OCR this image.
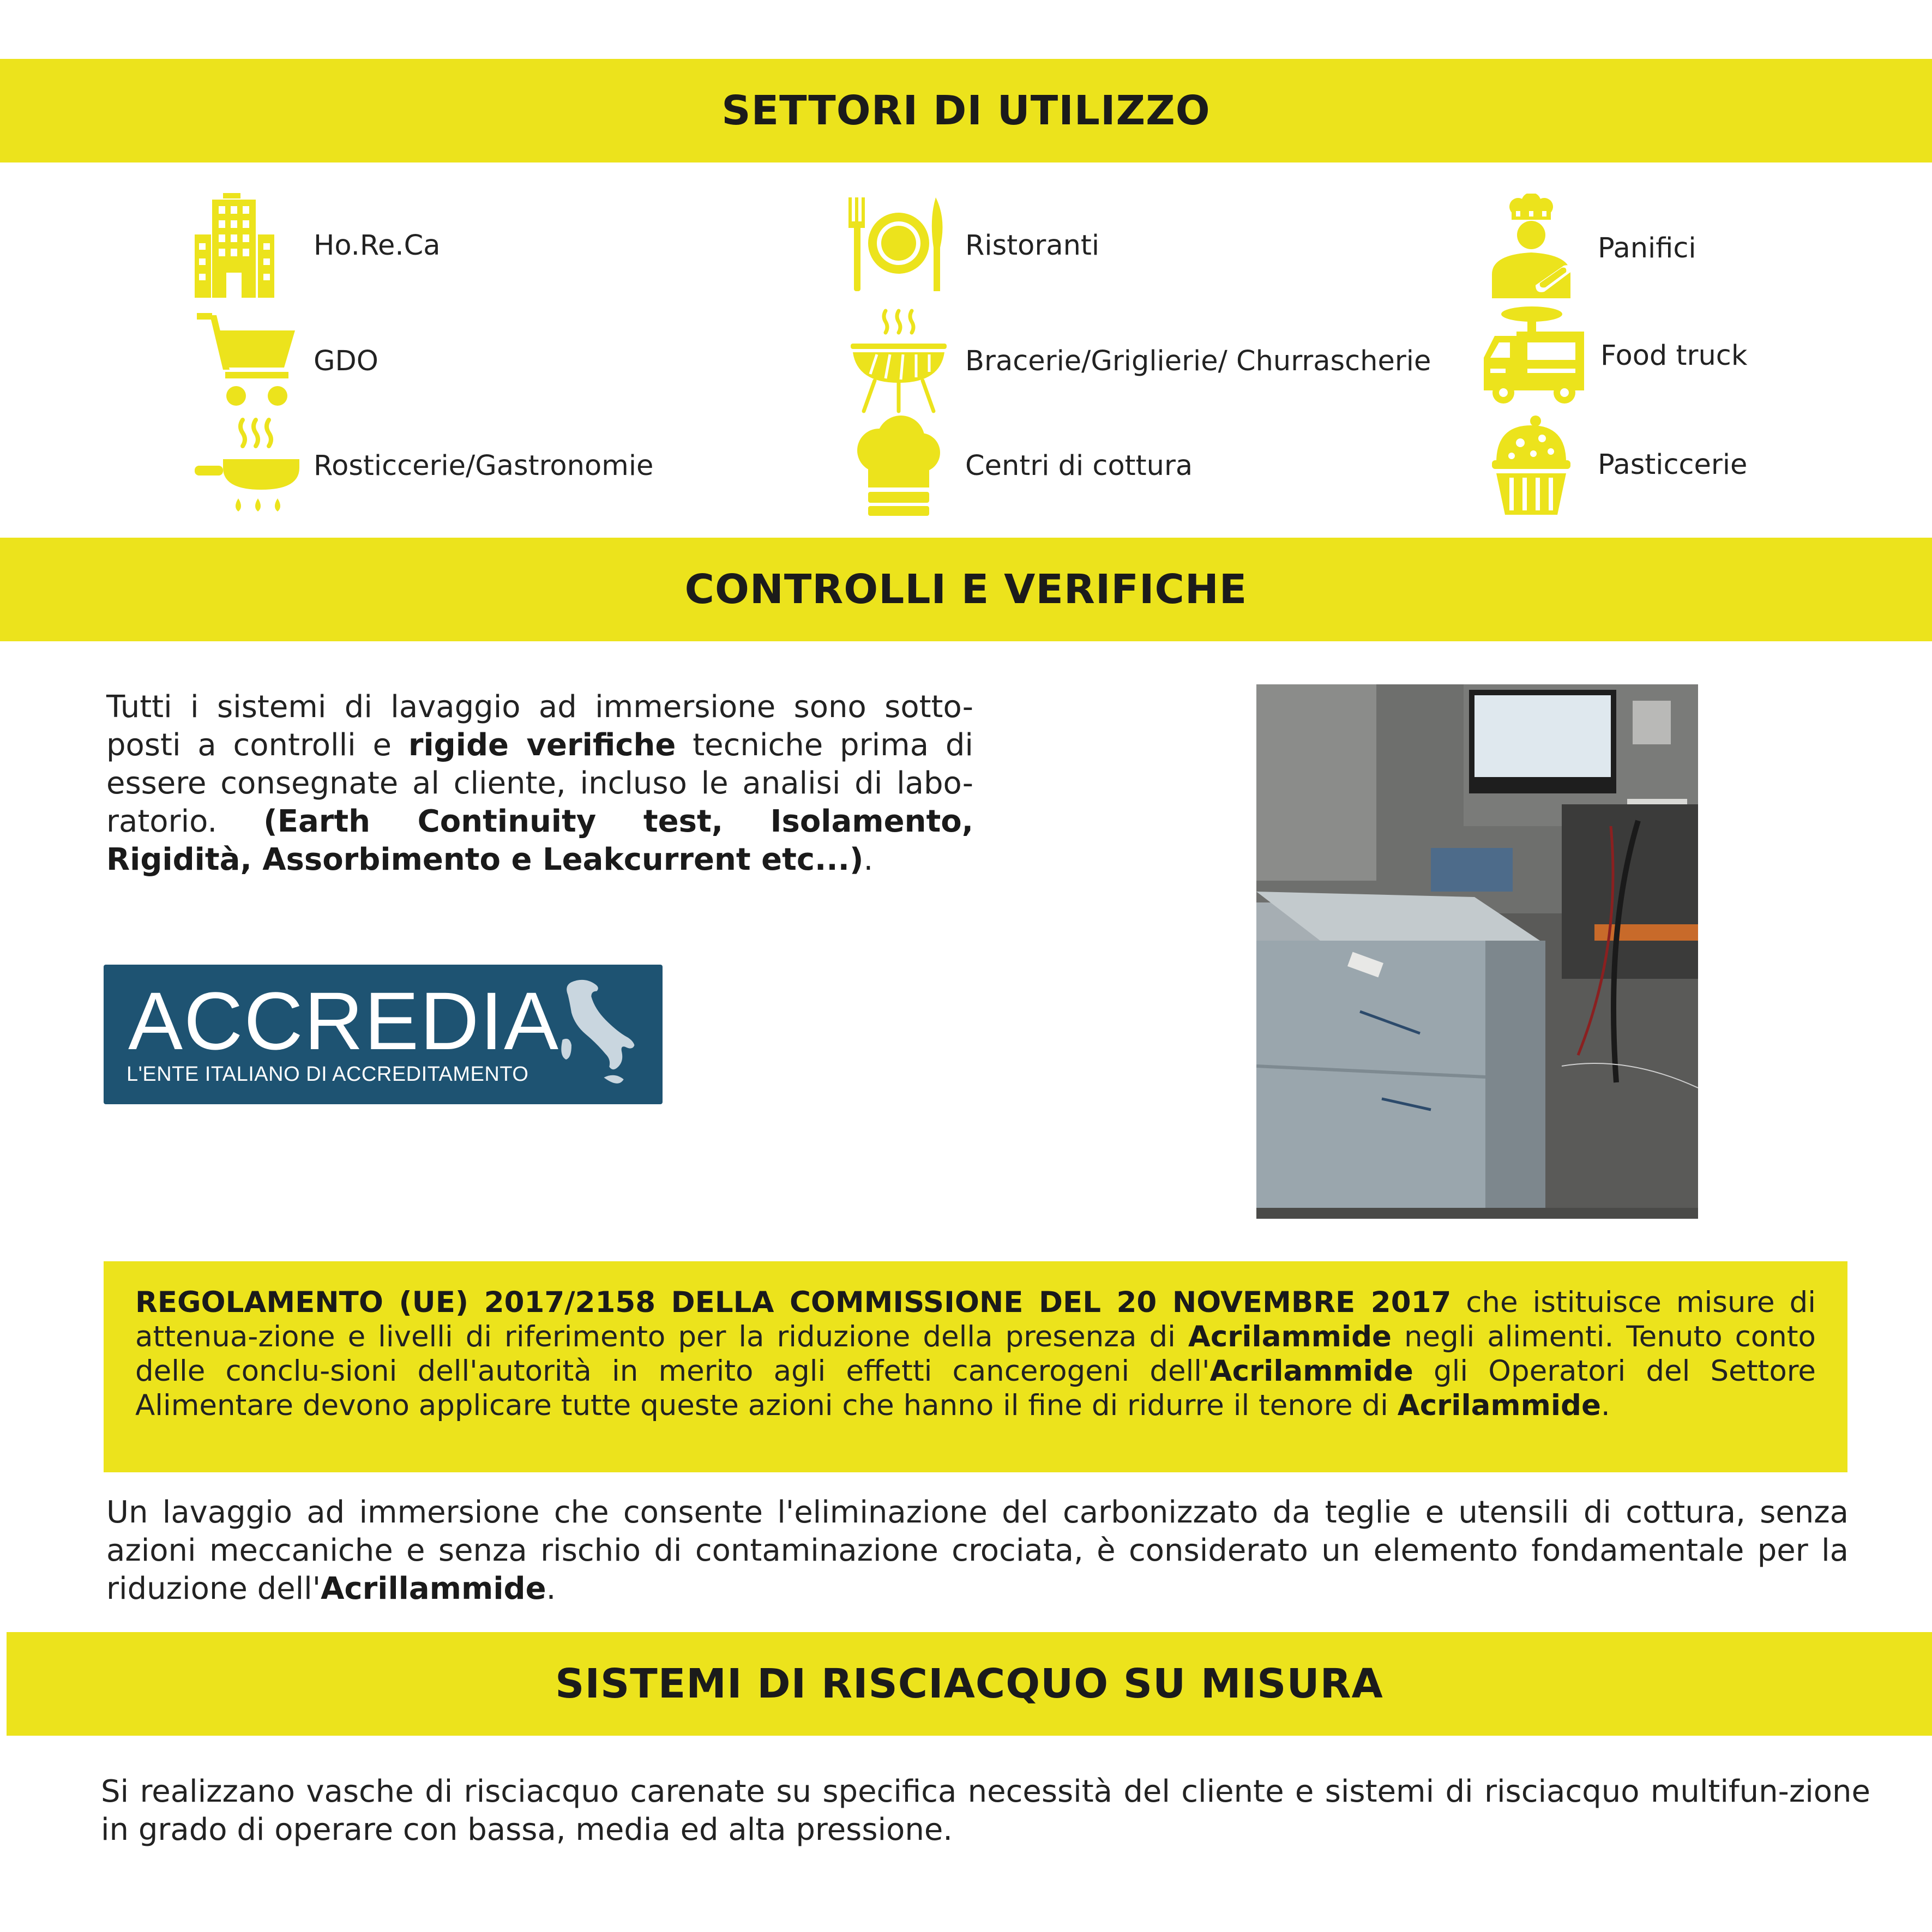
SETTORI DI UTILIZZO
Ho.Re.Ca
GDO
Rosticcerie/Gastronomie
Ristoranti
Bracerie/Griglierie/ Churrascherie
Centri di cottura
Panifici
Food truck
Pasticcerie
CONTROLLI E VERIFICHE

Tutti i sistemi di lavaggio ad immersione sono sotto-posti a controlli e rigide verifiche tecniche prima di essere consegnate al cliente, incluso le analisi di labo-ratorio. (Earth Continuity test, Isolamento, Rigidità, Assorbimento e Leakcurrent etc...).

ACCREDIA
L'ENTE ITALIANO DI ACCREDITAMENTO

REGOLAMENTO (UE) 2017/2158 DELLA COMMISSIONE DEL 20 NOVEMBRE 2017 che istituisce misure di attenua-zione e livelli di riferimento per la riduzione della presenza di Acrilammide negli alimenti. Tenuto conto delle conclu-sioni dell'autorità in merito agli effetti cancerogeni dell'Acrilammide gli Operatori del Settore Alimentare devono applicare tutte queste azioni che hanno il fine di ridurre il tenore di Acrilammide.

Un lavaggio ad immersione che consente l'eliminazione del carbonizzato da teglie e utensili di cottura, senza azioni meccaniche e senza rischio di contaminazione crociata, è considerato un elemento fondamentale per la riduzione dell'Acrillammide.

SISTEMI DI RISCIACQUO SU MISURA

Si realizzano vasche di risciacquo carenate su specifica necessità del cliente e sistemi di risciacquo multifun-zione in grado di operare con bassa, media ed alta pressione.
